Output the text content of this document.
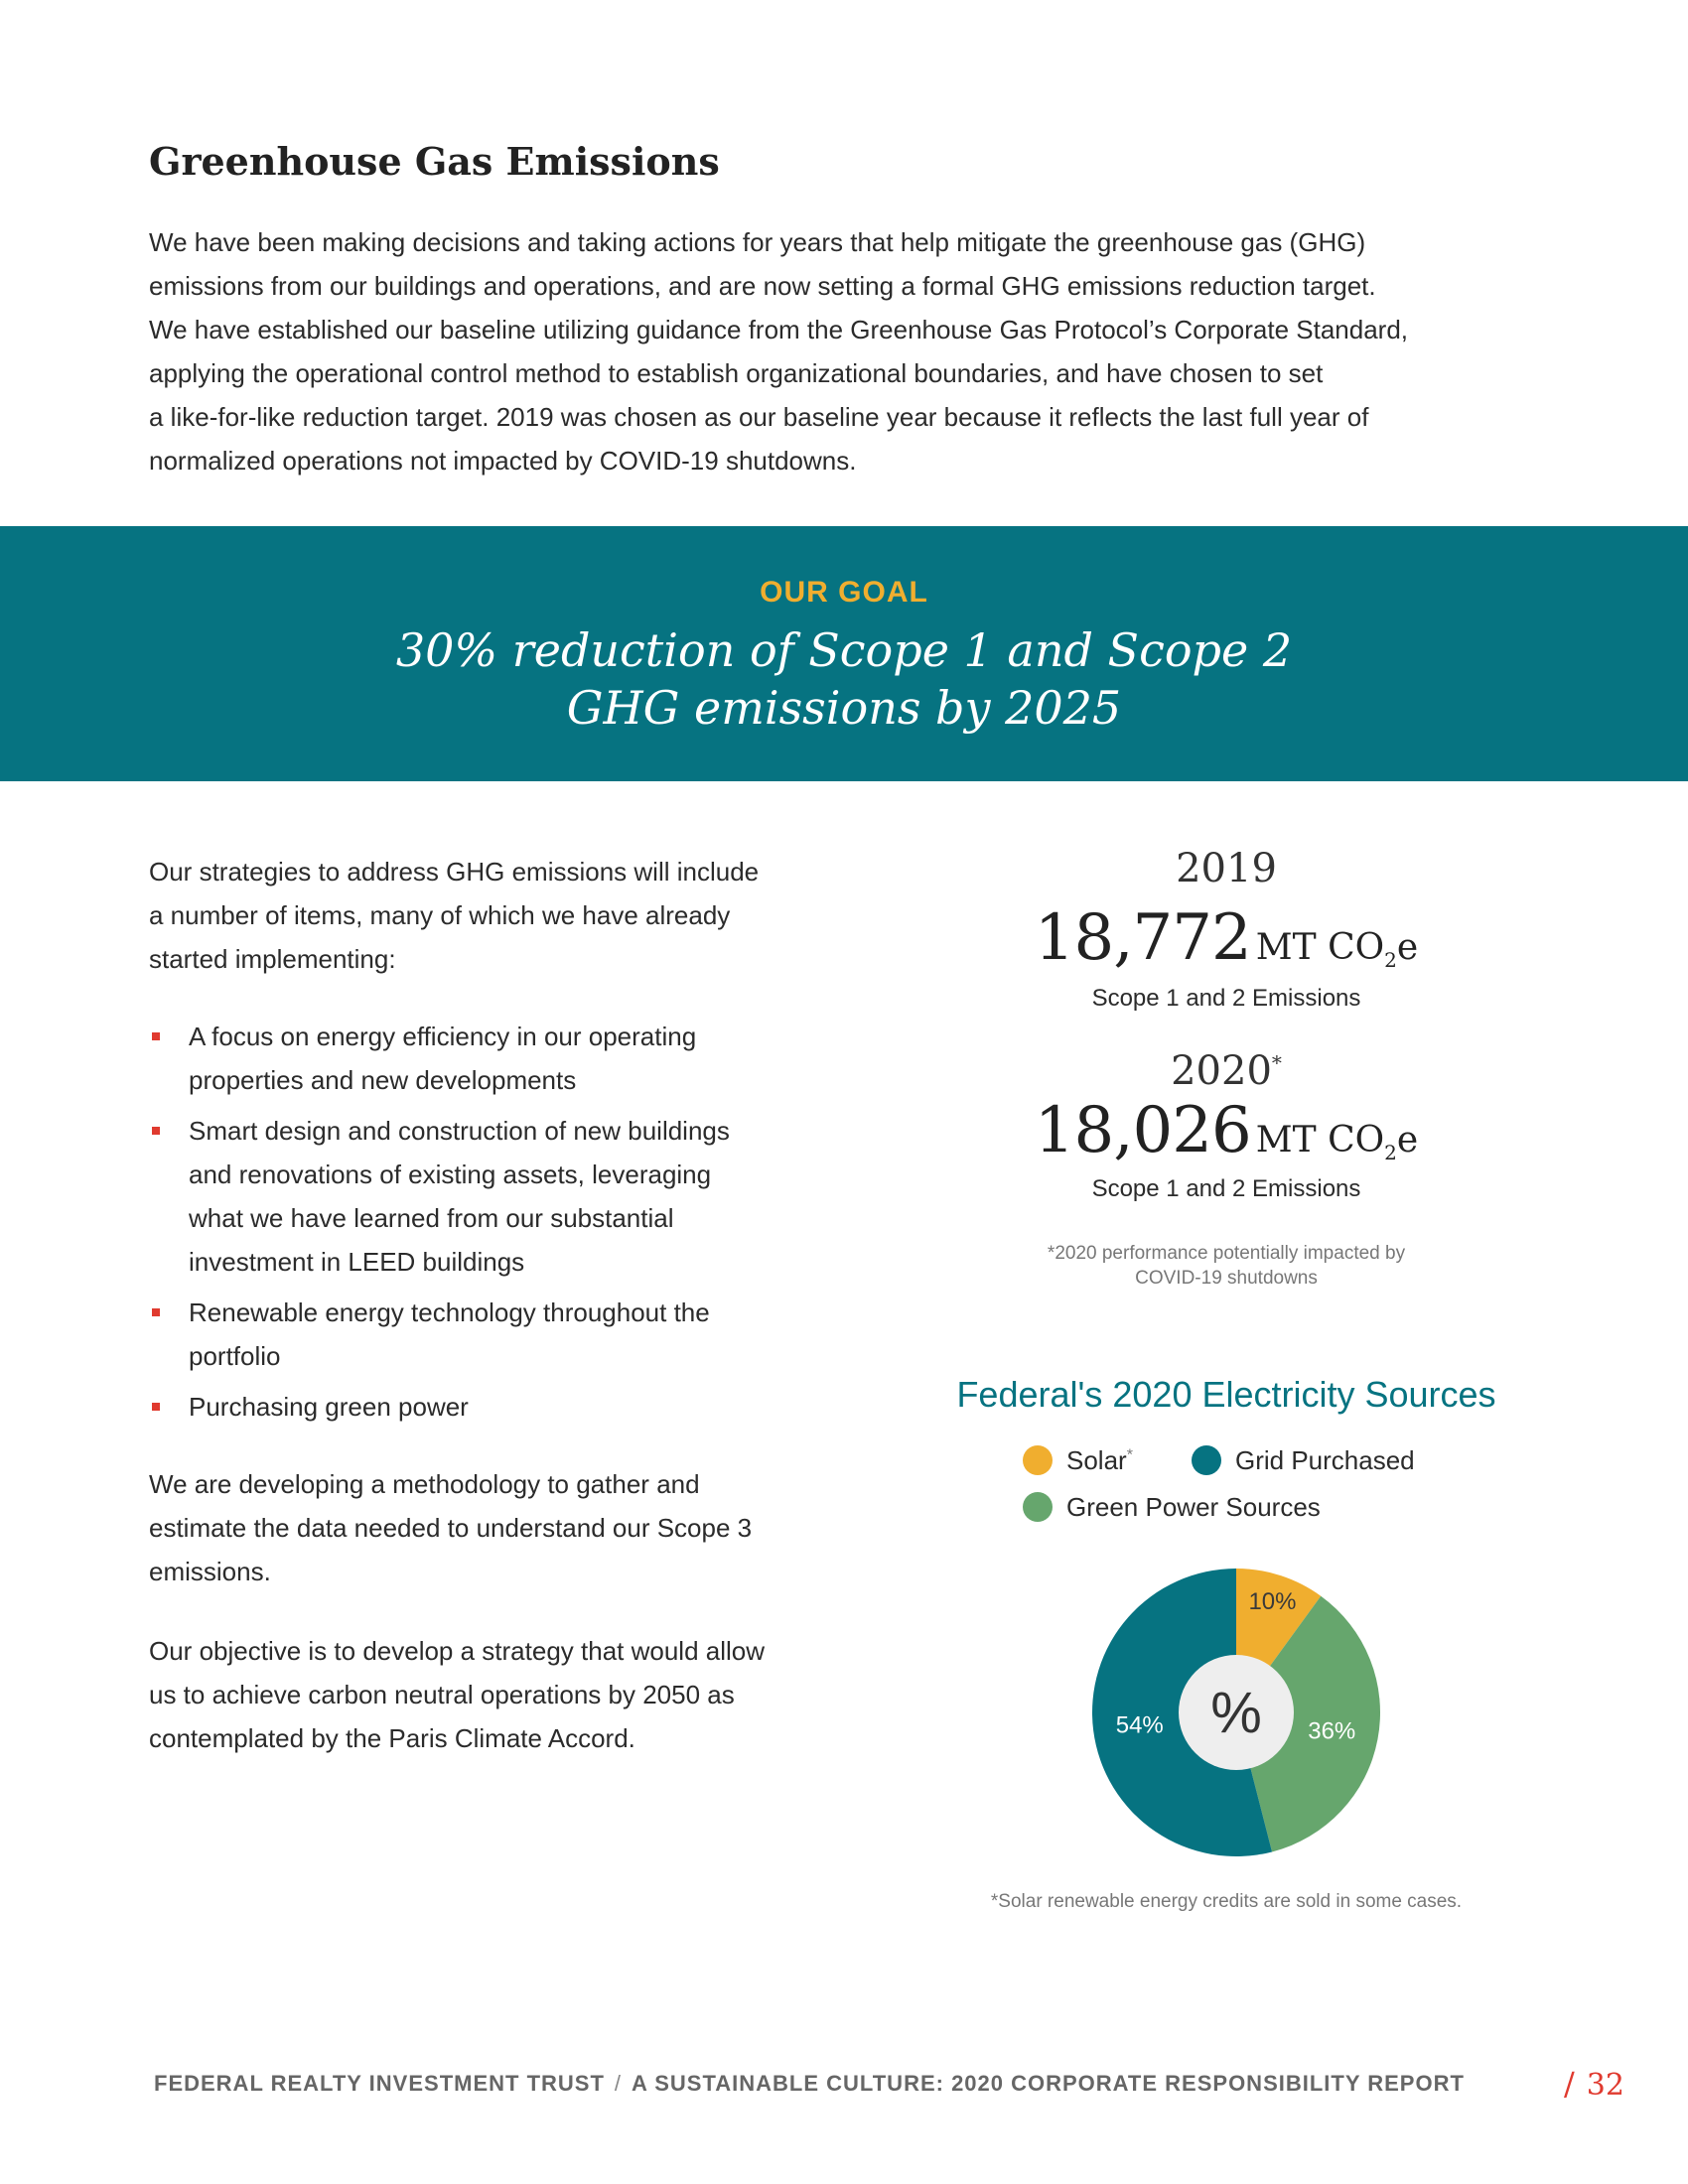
Greenhouse Gas Emissions
We have been making decisions and taking actions for years that help mitigate the greenhouse gas (GHG)
emissions from our buildings and operations, and are now setting a formal GHG emissions reduction target.
We have established our baseline utilizing guidance from the Greenhouse Gas Protocol’s Corporate Standard,
applying the operational control method to establish organizational boundaries, and have chosen to set
a like-for-like reduction target. 2019 was chosen as our baseline year because it reflects the last full year of
normalized operations not impacted by COVID-19 shutdowns.
OUR GOAL
30% reduction of Scope 1 and Scope 2
GHG emissions by 2025

Our strategies to address GHG emissions will include a number of items, many of which we have already started implementing:

A focus on energy efficiency in our operating properties and new developments
Smart design and construction of new buildings and renovations of existing assets, leveraging what we have learned from our substantial investment in LEED buildings
Renewable energy technology throughout the portfolio
Purchasing green power

We are developing a methodology to gather and estimate the data needed to understand our Scope 3 emissions.

Our objective is to develop a strategy that would allow us to achieve carbon neutral operations by 2050 as contemplated by the Paris Climate Accord.

2019
18,772 MT $CO_2e$
Scope 1 and 2 Emissions
2020*
18,026 MT $CO_2e$
Scope 1 and 2 Emissions
*2020 performance potentially impacted by
COVID-19 shutdowns
Federal's 2020 Electricity Sources
Solar*	Grid Purchased
Green Power Sources
10%
36%
54% %
*Solar renewable energy credits are sold in some cases.
FEDERAL REALTY INVESTMENT TRUST / A SUSTAINABLE CULTURE: 2020 CORPORATE RESPONSIBILITY REPORT	/ 32
